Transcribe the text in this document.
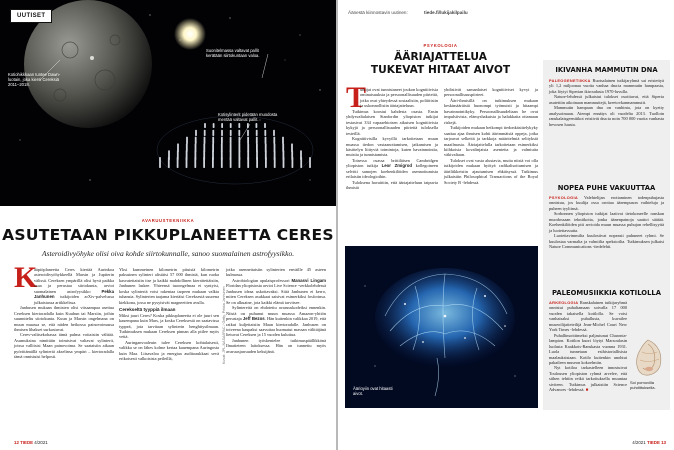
UUTISET
Kotiohikkkaan tuntee Dawn-luotain, joka kiersi Cereksiä 2011–2018.
Suonitelmassa valtavat pallit kerätään siirtokuntaan valoa.
Kotisylinterit pidetään muodosta mentää valtavat pallit.
AVARUUSTEKNIIKKA
ASUTETAAN PIKKUPLANEETTA CERES
Asteroidivyöhyke olisi oiva kohde siirtokunnalle, sanoo suomalainen astrofyysikko.
K

ääpiöplaneetta Ceres kiertää Aurinkoa asteroidivyöhykkeellä Marsin ja Jupiterin välissä. Cereksen ympärillä olisi hyvä paikka asua ja perustaa siirtokunta, arvioi suomalainen astrofyysikko	Pekka Janhunen tutkijoiden arXiv-palvelussa julkaistussa artikkelissa.

Janhusen mukaan ihmisten olisi viisaampaa asettua Cereksen kiertoradalla kuin Kuuhun tai Marsiin, joihin suunniteltu siirtokunta. Kuun ja Marsin ongelmana on muun muassa se, että niiden heikossa painovoimassa ihmisen lihakset surkastuvat.

Ceres-valitsekohassa tämä pulma voitaisiin välttää. Asumuksina nimittäin toimisivat valtavat sylinterit, joissa vallitsisi Maan painovoima. Se saataisiin aikaan pyörittämällä sylinteriä akselinsa ympäri – kiertoradalla tämä onnistuisi helposti.

Yksi kummeinen kilometrin pituisiä kilometrin paksuinen sylinteri alistäisi 57 000 ihmistä, kun ruoka kasvatettaisiin itse ja kaikki mahdollinen kierrätettäisiin, Janhunen laskee. Yhteensä tuoongelmaa ei syntyisi, koska sylinteriä voisi rakentaa tarpeen mukaan valkia tuhansia. Sylinterien taajama kiertäisi Cereksestä suurena kiekkona, jossa ne pysyisivät magneettien avulla.

Cerekseltä tyyppiä ilmaan

Miksi juuri Ceres? Koska pikkuplaneetta ei ole juuri sen kauempana kuin Mars, ja koska Cereksestä on saatavissa typpeä, jota tarvitaan sylinterin henghitysilmaan. Tutkimuksen mukaan Cereksen pinnan alla piilee myös vettä.

Auringanvoaleuin tulee Cereksen kohtalaisesti, valikka se on lähes kolme kertaa kauempana Auringosta kuin Maa. Liisavaloa ja energiaa auditoaukkaat sevä erikoisesti valkoisista peileillä,

jotka asennettaisiin sylinterien enväille 45 asteen kulmassa.

Astrobiologian apulaisprofessori Manasvi Lingam Floridan yliopistosta arvioi Live Science -verkkolehdessä Janhusen ideaa uskottavaksi. Siitä Janhunen ei kerro, miten Cereksen asukkaat saisivat esimerkiksi fosforinsa. Se on alkuaine, jota kaikki elämä tarvitsee.

Sylintereitä on ehdotettu avaruuskodeiksi ennenkin. Niistä on puhunut muun muassa Amazon-yhtiön perustaja Jeff Bezos. Hän kuitenkin valikkaa 2019, että ratkut kuljettaisiin Maan kiertoradalle. Janhusen on toiveena kaupaksi saavuttaa huomatut massan välittäjänä lietuvat Cereksen ja 15 vuoden kuluttua.

Janhunen työskentelee tutkimuspäällikkönä Ilmatieteen laitoksessa. Hän on tunnettu myös avaruusjarruuden keksijänä.

Kuvat: JPL-NASA/IPAC / Getty, Pekka Janhunen
12 TIEDE 4/2021
Äänestä kiinnostavin uutinen:	tiede.fi/lukijakilpailu
PSYKOLOGIA
ÄÄRIAJATTELUA
TUKEVAT HITAAT AIVOT
T

utkijat ovat tunnistaneet joukon kognitiivisia ominaisuuksia ja persoonallisuuden piirteitä, jotka ovat yhteydessä sosiaalisiin, poliittisiin ja uskonnollisiin ääriajatteluun.

Tutkimus koostui kahdesta osasta. Ensin yhdysvaltalaisen Stanfordin yliopiston tutkijat testasivat 334 vapaaehtoisen aikuisen kognitiivisia kykyjä ja persoonallisuuden piirteitä tuloksella testeillä.

Kognitiivisilla kyvyillä tarkoitetaan muun muassa tiedon vastaanottamisen, jatkamisen ja käsittelyn liittyviä toimintoja, kuten havainnointia, muistia ja tunnistamista.

Toisessa osassa brittiläisen Cambridgen yliopiston tutkija Leor Zmigrod kollegoineen selvitti samojen koehenkilöiden asennoitumista erilaisiin ideologioihin.

Tuloksena havaittiin, että ääriajatteluun taipuvia ihmisiä

yhdistivät samanlaiset kognitiiviset kyvyt ja persoonallisuuspiirteet.

Ääri-ihmisillä on tutkimuksen mukaan keskimääräistä huonompi työmuisti ja hitaampi havainnointikyky. Persoonallisuudeltaan he ovat impulsiivisia, elämyshakuisia ja halukkaita ottamaan riskejä.

Tutkijoiden mukaan heikompi tiedonkäsittelykyky saattaa ajaa ihmisen kohti äärimmäisiä oppeja, jotka tarjoavat selkeitä ja tarkkoja määritelmiä selityksiä maailmasta. Ääriajattelulla tarkoitetaan esimerkiksi kiihkoisia kovalinjaisia asenteita ja valmiutta väkivaltaan.

Tulokset ovat vasta alustavia, mutta niistä voi olla tutkijoiden mukaan hyötyä radikalisoitumisen ja ääriliikkeisiin ajautumisen ehkäisyssä. Tutkimus julkaistiin Philosophical Transactions of the Royal Society B -lehdessä.

Äärioyiin ovat hitaasti aivot.
IKIVANHA MAMMUTIN DNA

PALEOGENETIIKKA Ruotsalainen tutkijaryhmä sai eristettyä yli 1,2 miljoonaa vuotta vanhaa dna:ta mammutin hampaasta, joka löytyi Siperian ikiroudasta 1970-luvulla.

Nature-lehdessä julkaistut tulokset osoittavat, että Siperia asutettiin aikoinaan mammuttejä, kreetovkanmammutit.

Mammutin hampaan dna on vanhinta, jota on kyetty analysoimaan. Aiempi ennätys oli vuodelta 2013. Tuolloin ranskalaisgeenitikot eristivät dna:ta noin 700 000 vuotta vanhasta hevosen luusta.

NOPEA PUHE VAKUUTTAA

PSYKOLOGIA Valehtelijan erottaminen todenpuhujasta onnistuu, jos kuulija ossa orottaa äärempuson vaihteluja ja puheen tyyliinsä.

Sorbonnen yliopiston tutkijat laativat tietokoneelle ranskan muodossaan tekniikoita, jonka äänenpainoja saattoi säätää. Koehenkilöiden piti arvioida muun muassa puhujan rehellisyyttä ja luotettavuutta.

Luotettavimmilta kuulostivat nopeasti puhuneet ryhmi. Se kuulostaa varmalta ja valmiilta spekstoilta. Tutkimuksen julkaisi Nature Communications -tiedelehti.

PALEOMUSIIKKIA KOTILOLLA

ARKEOLOGIA Ranskalainen tutkijaryhmä onnistui puhaltamaan soivalla 17 000 vuoden takaisella kotilolla. Se voisi vanhaisaksi puhallusta, kuvailee museoilijatieteilijä Jean-Michel Court New York Times -lehdessä.

Puhallinsoittimeksi paljastunut Charonia-lampion. Kotilon kuori löytyi Marsoulasin luolasta Kaakkois-Ranskasta vuonna 1931. Luola tunnetaan esihistoriallisista maalauksistaan. Kotilo kuitenkin unohtui pakaileen museon kokoelmiin.

Nyt kotiloa tarkastelleen innostuivat Toulousen yliopiston ryhmä arvelee, että siihen tehtiin reikä tarkoituksella muuntaa siviteen. Tutkimus julkaistiin Science Advances -lehdessä. ■

Soi pornovilla puhdittuksella.
4/2021 TIEDE 13
